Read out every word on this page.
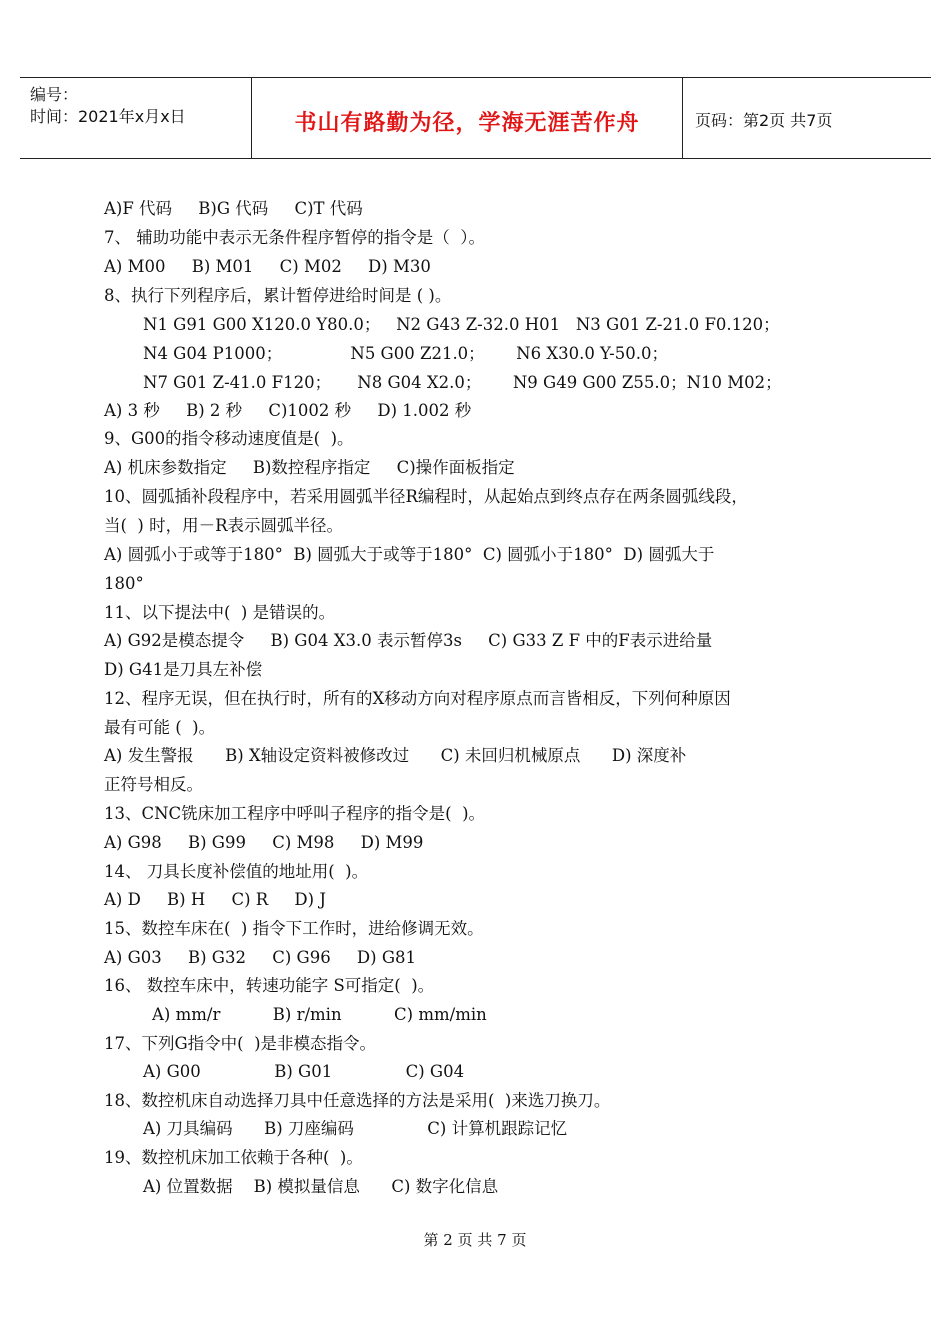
编号：
时间：2021年x月x日	书山有路勤为径，学海无涯苦作舟	页码：第2页 共7页
A)F 代码     B)G 代码     C)T 代码
7、 辅助功能中表示无条件程序暂停的指令是（  ）。
A) M00     B) M01     C) M02     D) M30
8、执行下列程序后，累计暂停进给时间是 ( )。
N1 G91 G00 X120.0 Y80.0；   N2 G43 Z-32.0 H01   N3 G01 Z-21.0 F0.120；
N4 G04 P1000；             N5 G00 Z21.0；      N6 X30.0 Y-50.0；
N7 G01 Z-41.0 F120；     N8 G04 X2.0；      N9 G49 G00 Z55.0；N10 M02；
A) 3 秒     B) 2 秒     C)1002 秒     D) 1.002 秒
9、G00的指令移动速度值是(  )。
A) 机床参数指定     B)数控程序指定     C)操作面板指定
10、圆弧插补段程序中，若采用圆弧半径R编程时，从起始点到终点存在两条圆弧线段，
当(  ) 时，用－R表示圆弧半径。
A) 圆弧小于或等于180°  B) 圆弧大于或等于180°  C) 圆弧小于180°  D) 圆弧大于
180°
11、以下提法中(  ) 是错误的。
A) G92是模态提令     B) G04 X3.0 表示暂停3s     C) G33 Z F 中的F表示进给量
D) G41是刀具左补偿
12、程序无误，但在执行时，所有的X移动方向对程序原点而言皆相反，下列何种原因
最有可能 (  )。
A) 发生警报      B) X轴设定资料被修改过      C) 未回归机械原点      D) 深度补
正符号相反。
13、CNC铣床加工程序中呼叫子程序的指令是(  )。
A) G98     B) G99     C) M98     D) M99
14、 刀具长度补偿值的地址用(  )。
A) D     B) H     C) R     D) J
15、数控车床在(  ) 指令下工作时，进给修调无效。
A) G03     B) G32     C) G96     D) G81
16、 数控车床中，转速功能字 S可指定(  )。
A) mm/r          B) r/min          C) mm/min
17、下列G指令中(  )是非模态指令。
A) G00              B) G01              C) G04
18、数控机床自动选择刀具中任意选择的方法是采用(  )来选刀换刀。
A) 刀具编码      B) 刀座编码              C) 计算机跟踪记忆
19、数控机床加工依赖于各种(  )。
A) 位置数据    B) 模拟量信息      C) 数字化信息
第 2 页 共 7 页
